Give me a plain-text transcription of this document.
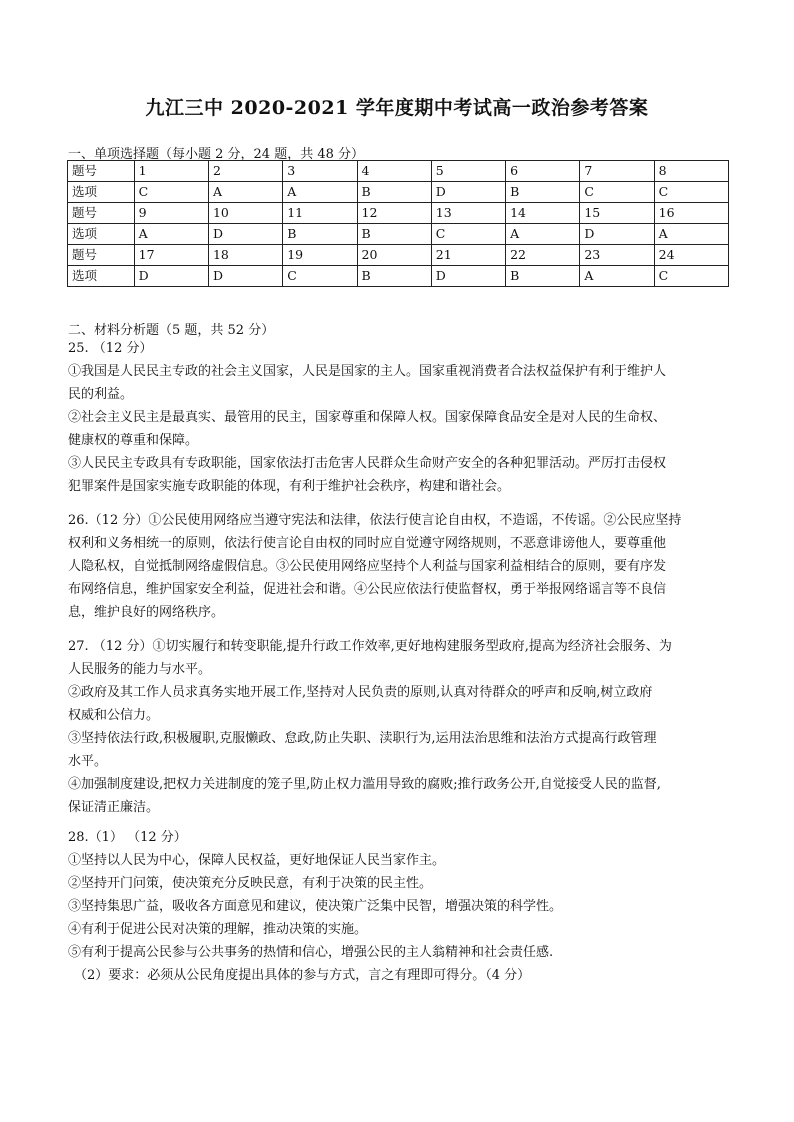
九江三中 2020-2021 学年度期中考试高一政治参考答案
一、单项选择题（每小题 2 分，24 题，共 48 分）
题号	1	2	3	4	5	6	7	8
选项	C	A	A	B	D	B	C	C
题号	9	10	11	12	13	14	15	16
选项	A	D	B	B	C	A	D	A
题号	17	18	19	20	21	22	23	24
选项	D	D	C	B	D	B	A	C
二、材料分析题（5 题，共 52 分）

25. （12 分）

①我国是人民民主专政的社会主义国家，人民是国家的主人。国家重视消费者合法权益保护有利于维护人

民的利益。

②社会主义民主是最真实、最管用的民主，国家尊重和保障人权。国家保障食品安全是对人民的生命权、

健康权的尊重和保障。

③人民民主专政具有专政职能，国家依法打击危害人民群众生命财产安全的各种犯罪活动。严厉打击侵权

犯罪案件是国家实施专政职能的体现，有利于维护社会秩序，构建和谐社会。

26.（12 分）①公民使用网络应当遵守宪法和法律，依法行使言论自由权，不造谣，不传谣。②公民应坚持

权利和义务相统一的原则，依法行使言论自由权的同时应自觉遵守网络规则，不恶意诽谤他人，要尊重他

人隐私权，自觉抵制网络虚假信息。③公民使用网络应坚持个人利益与国家利益相结合的原则，要有序发

布网络信息，维护国家安全利益，促进社会和谐。④公民应依法行使监督权，勇于举报网络谣言等不良信

息，维护良好的网络秩序。

27. （12 分）①切实履行和转变职能,提升行政工作效率,更好地构建服务型政府,提高为经济社会服务、为

人民服务的能力与水平。

②政府及其工作人员求真务实地开展工作,坚持对人民负责的原则,认真对待群众的呼声和反响,树立政府

权威和公信力。

③坚持依法行政,积极履职,克服懒政、怠政,防止失职、渎职行为,运用法治思维和法治方式提高行政管理

水平。

④加强制度建设,把权力关进制度的笼子里,防止权力滥用导致的腐败;推行政务公开,自觉接受人民的监督,

保证清正廉洁。

28.（1） （12 分）

①坚持以人民为中心，保障人民权益，更好地保证人民当家作主。

②坚持开门问策，使决策充分反映民意，有利于决策的民主性。

③坚持集思广益，吸收各方面意见和建议，使决策广泛集中民智，增强决策的科学性。

④有利于促进公民对决策的理解，推动决策的实施。

⑤有利于提高公民参与公共事务的热情和信心，增强公民的主人翁精神和社会责任感.

（2）要求：必须从公民角度提出具体的参与方式，言之有理即可得分。（4 分）
